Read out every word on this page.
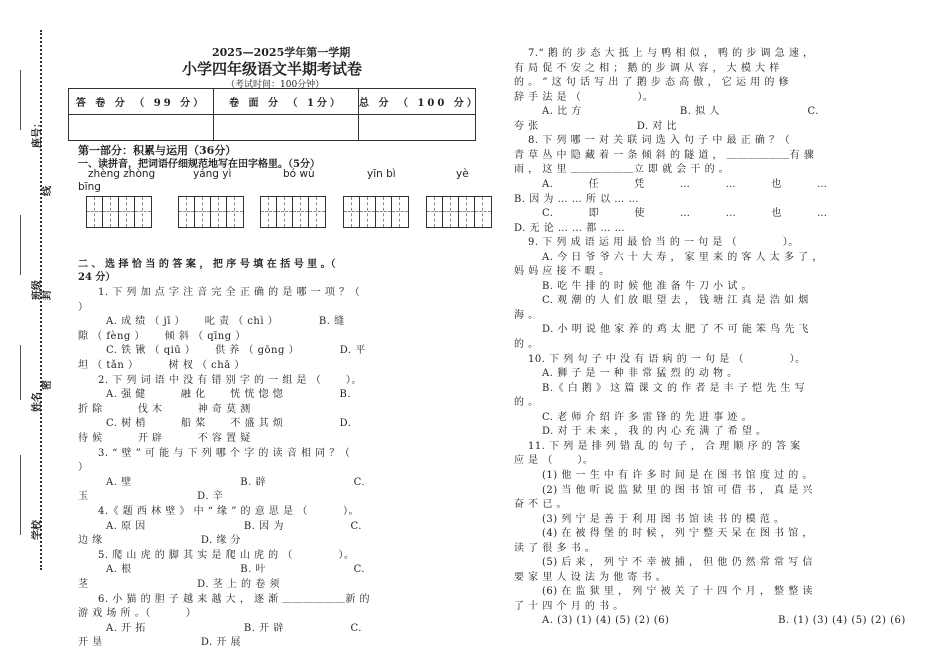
座号：
线
班级 封
姓名
密
学校
2025—2025学年第一学期
小学四年级语文半期考试卷
（考试时间：100分钟）
答 卷 分 （ 99 分）	卷 面 分 （ 1分）	总 分 （ 100 分）

第一部分：积累与运用（36分）
一、读拼音，把词语仔细规范地写在田字格里。（5分）
zhèng zhòng	yáng yì	bó wù	yīn bì	yè
bīng
二 、 选 择 恰 当 的 答 案 ， 把 序 号 填 在 括 号 里 。（
24 分）
1. 下 列 加 点 字 注 音 完 全 正 确 的 是 哪 一 项 ？（
）
A. 成 绩 （ jī ）　　 叱 责 （ chì ）　　　　 B. 缝
隙 （ fèng ）　　 倾 斜 （ qīng ）
C. 铁 锹 （ qiū ）　　 供 养 （ gōng ）　　　　 D. 平
坦 （ tǎn ）　　　 树 杈 （ chā ）
2. 下 列 词 语 中 没 有 错 别 字 的 一 组 是 （　　 ）。
A. 强 健　　　 融 化　　 恍 恍 惚 惚　　　　　 B.
折 除　　　 伐 木　　　 神 奇 莫 测
C. 树 梢　　　 船 桨　　 不 盛 其 烦　　　　　 D.
待 候　　　 开 辟　　　 不 容 置 疑
3. “ 壁 ” 可 能 与 下 列 哪 个 字 的 读 音 相 同 ？（
）
A. 壁　　　　　　　　　　 B. 辟　　　　　　　　 C.
玉　　　　　　　　　　 D. 辛
4.《 题 西 林 壁 》 中 “ 缘 ” 的 意 思 是 （　　　 ）。
A. 原 因　　　　　　　　　 B. 因 为　　　　　　 C.
边 缘　　　　　　　　　 D. 缘 分
5. 爬 山 虎 的 脚 其 实 是 爬 山 虎 的 （　　　　 ）。
A. 根　　　　　　　　　　 B. 叶　　　　　　　　 C.
茎　　　　　　　　　　 D. 茎 上 的 卷 须
6. 小 猫 的 胆 子 越 来 越 大 ， 逐 渐 ＿＿＿＿＿＿新 的
游 戏 场 所 。（　　　 ）
A. 开 拓　　　　　　　　　 B. 开 辟　　　　　　 C.
开 垦　　　　　　　　　 D. 开 展
7.“ 鹅 的 步 态 大 抵 上 与 鸭 相 似 ， 鸭 的 步 调 急 速 ，
有 局 促 不 安 之 相 ； 鹅 的 步 调 从 容 ， 大 模 大 样
的 。 ” 这 句 话 写 出 了 鹅 步 态 高 傲 ， 它 运 用 的 修
辞 手 法 是 （　　　　　 ）。
A. 比 方　　　　　　　　　 B. 拟 人　　　　　　　　 C.
夸 张　　　　　　　　　 D. 对 比
8. 下 列 哪 一 对 关 联 词 选 入 句 子 中 最 正 确 ？（
青 草 丛 中 隐 藏 着 一 条 倾 斜 的 隧 道 ， ＿＿＿＿＿＿有 骤
雨 ， 这 里 ＿＿＿＿＿＿立 即 就 会 干 的 。
A.　　　 任　　　 凭　　　 …　　　 …　　　 也　　　 …
B. 因 为 … … 所 以 … …
C.　　　 即　　　 使　　　 …　　　 …　　　 也　　　 …
D. 无 论 … … 都 … …
9. 下 列 成 语 运 用 最 恰 当 的 一 句 是 （　　　　 ）。
A. 今 日 爷 爷 六 十 大 寿 ， 家 里 来 的 客 人 太 多 了 ，
妈 妈 应 接 不 暇 。
B. 吃 牛 排 的 时 候 他 准 备 牛 刀 小 试 。
C. 观 潮 的 人 们 放 眼 望 去 ， 钱 塘 江 真 是 浩 如 烟
海 。
D. 小 明 说 他 家 养 的 鸡 太 肥 了 不 可 能 笨 鸟 先 飞
的 。
10. 下 列 句 子 中 没 有 语 病 的 一 句 是 （　　　　 ）。
A. 狮 子 是 一 种 非 常 猛 烈 的 动 物 。
B.《 白 鹅 》 这 篇 课 文 的 作 者 是 丰 子 恺 先 生 写
的 。
C. 老 师 介 绍 许 多 雷 锋 的 先 进 事 迹 。
D. 对 于 未 来 ， 我 的 内 心 充 满 了 希 望 。
11. 下 列 是 排 列 错 乱 的 句 子 ， 合 理 顺 序 的 答 案
应 是 （　　 ）。
(1) 他 一 生 中 有 许 多 时 间 是 在 图 书 馆 度 过 的 。
(2) 当 他 听 说 监 狱 里 的 图 书 馆 可 借 书 ， 真 是 兴
奋 不 已 。
(3) 列 宁 是 善 于 利 用 图 书 馆 读 书 的 模 范 。
(4) 在 被 得 堡 的 时 候 ， 列 宁 整 天 呆 在 图 书 馆 ，
读 了 很 多 书 。
(5) 后 来 ， 列 宁 不 幸 被 捕 ， 但 他 仍 然 常 常 写 信
要 家 里 人 设 法 为 他 寄 书 。
(6) 在 监 狱 里 ， 列 宁 被 关 了 十 四 个 月 ， 整 整 读
了 十 四 个 月 的 书 。
A. (3) (1) (4) (5) (2) (6)　　　　　　　　　　 B. (1) (3) (4) (5) (2) (6)
